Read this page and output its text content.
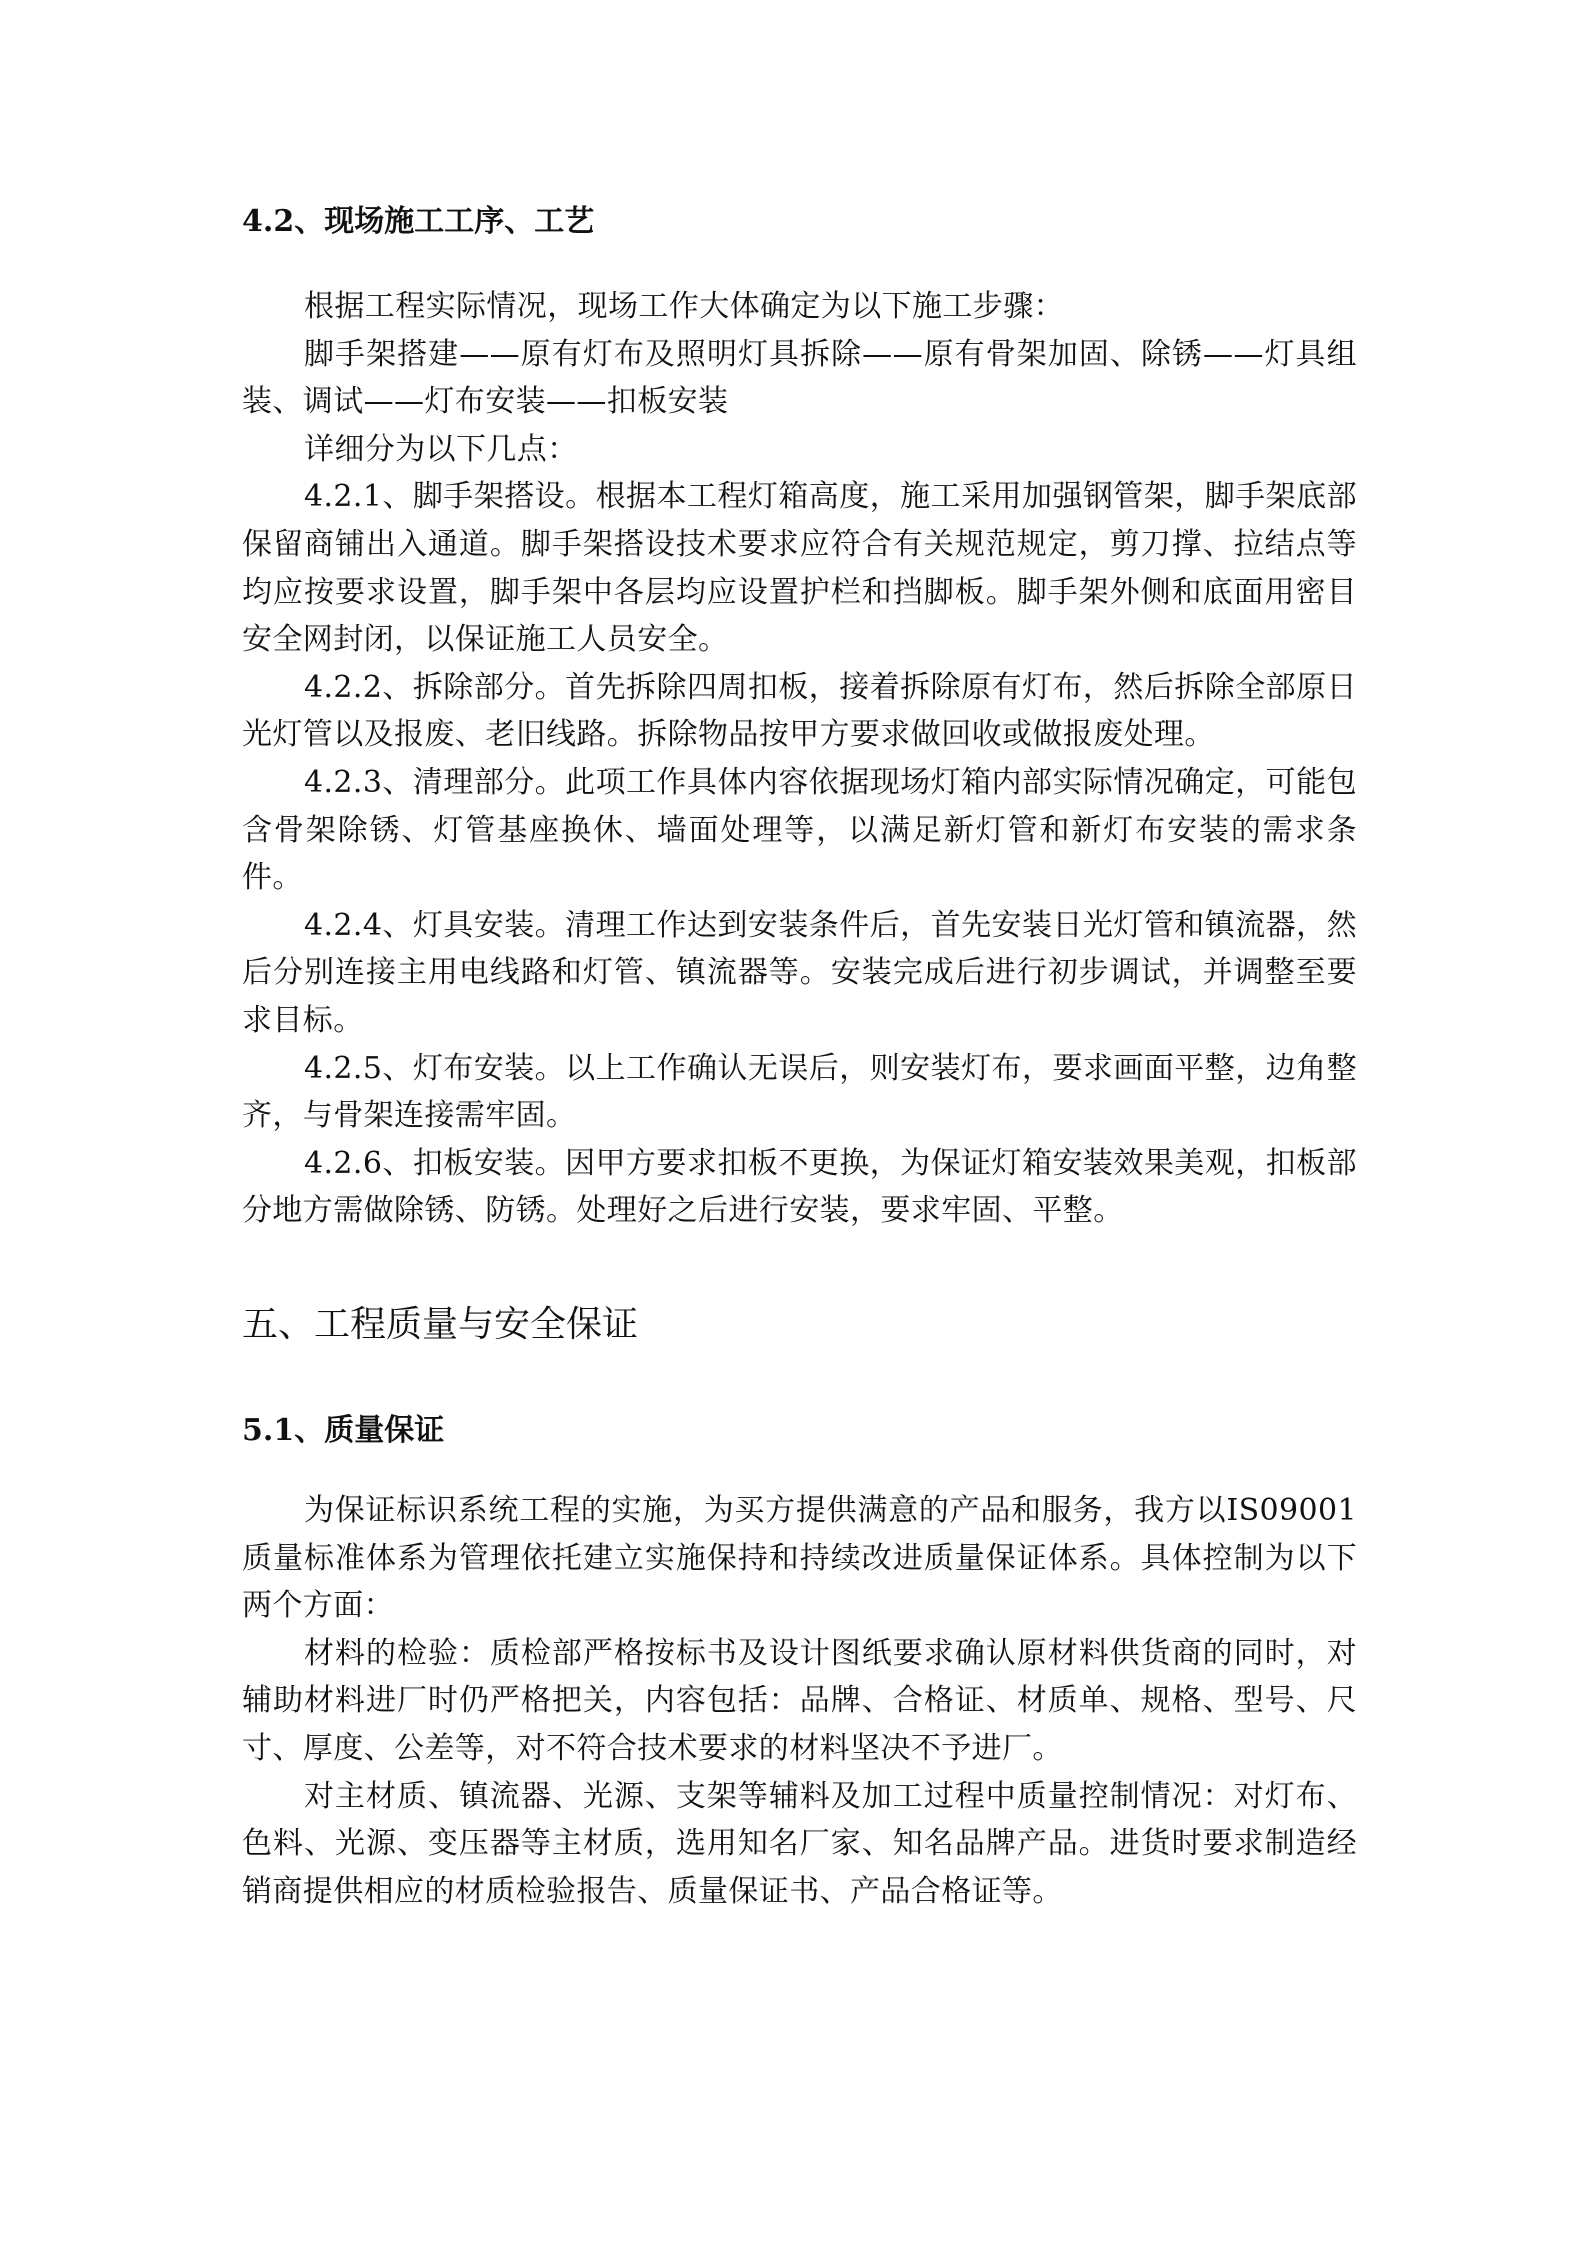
4.2、现场施工工序、工艺

根据工程实际情况，现场工作大体确定为以下施工步骤：

脚手架搭建——原有灯布及照明灯具拆除——原有骨架加固、除锈——灯具组装、调试——灯布安装——扣板安装

详细分为以下几点：

4.2.1、脚手架搭设。根据本工程灯箱高度，施工采用加强钢管架，脚手架底部保留商铺出入通道。脚手架搭设技术要求应符合有关规范规定，剪刀撑、拉结点等均应按要求设置，脚手架中各层均应设置护栏和挡脚板。脚手架外侧和底面用密目安全网封闭，以保证施工人员安全。

4.2.2、拆除部分。首先拆除四周扣板，接着拆除原有灯布，然后拆除全部原日光灯管以及报废、老旧线路。拆除物品按甲方要求做回收或做报废处理。

4.2.3、清理部分。此项工作具体内容依据现场灯箱内部实际情况确定，可能包含骨架除锈、灯管基座换休、墙面处理等，以满足新灯管和新灯布安装的需求条件。

4.2.4、灯具安装。清理工作达到安装条件后，首先安装日光灯管和镇流器，然后分别连接主用电线路和灯管、镇流器等。安装完成后进行初步调试，并调整至要求目标。

4.2.5、灯布安装。以上工作确认无误后，则安装灯布，要求画面平整，边角整齐，与骨架连接需牢固。

4.2.6、扣板安装。因甲方要求扣板不更换，为保证灯箱安装效果美观，扣板部分地方需做除锈、防锈。处理好之后进行安装，要求牢固、平整。

五、工程质量与安全保证
5.1、质量保证

为保证标识系统工程的实施，为买方提供满意的产品和服务，我方以IS09001质量标准体系为管理依托建立实施保持和持续改进质量保证体系。具体控制为以下两个方面：

材料的检验：质检部严格按标书及设计图纸要求确认原材料供货商的同时，对辅助材料进厂时仍严格把关，内容包括：品牌、合格证、材质单、规格、型号、尺寸、厚度、公差等，对不符合技术要求的材料坚决不予进厂。

对主材质、镇流器、光源、支架等辅料及加工过程中质量控制情况：对灯布、色料、光源、变压器等主材质，选用知名厂家、知名品牌产品。进货时要求制造经销商提供相应的材质检验报告、质量保证书、产品合格证等。
